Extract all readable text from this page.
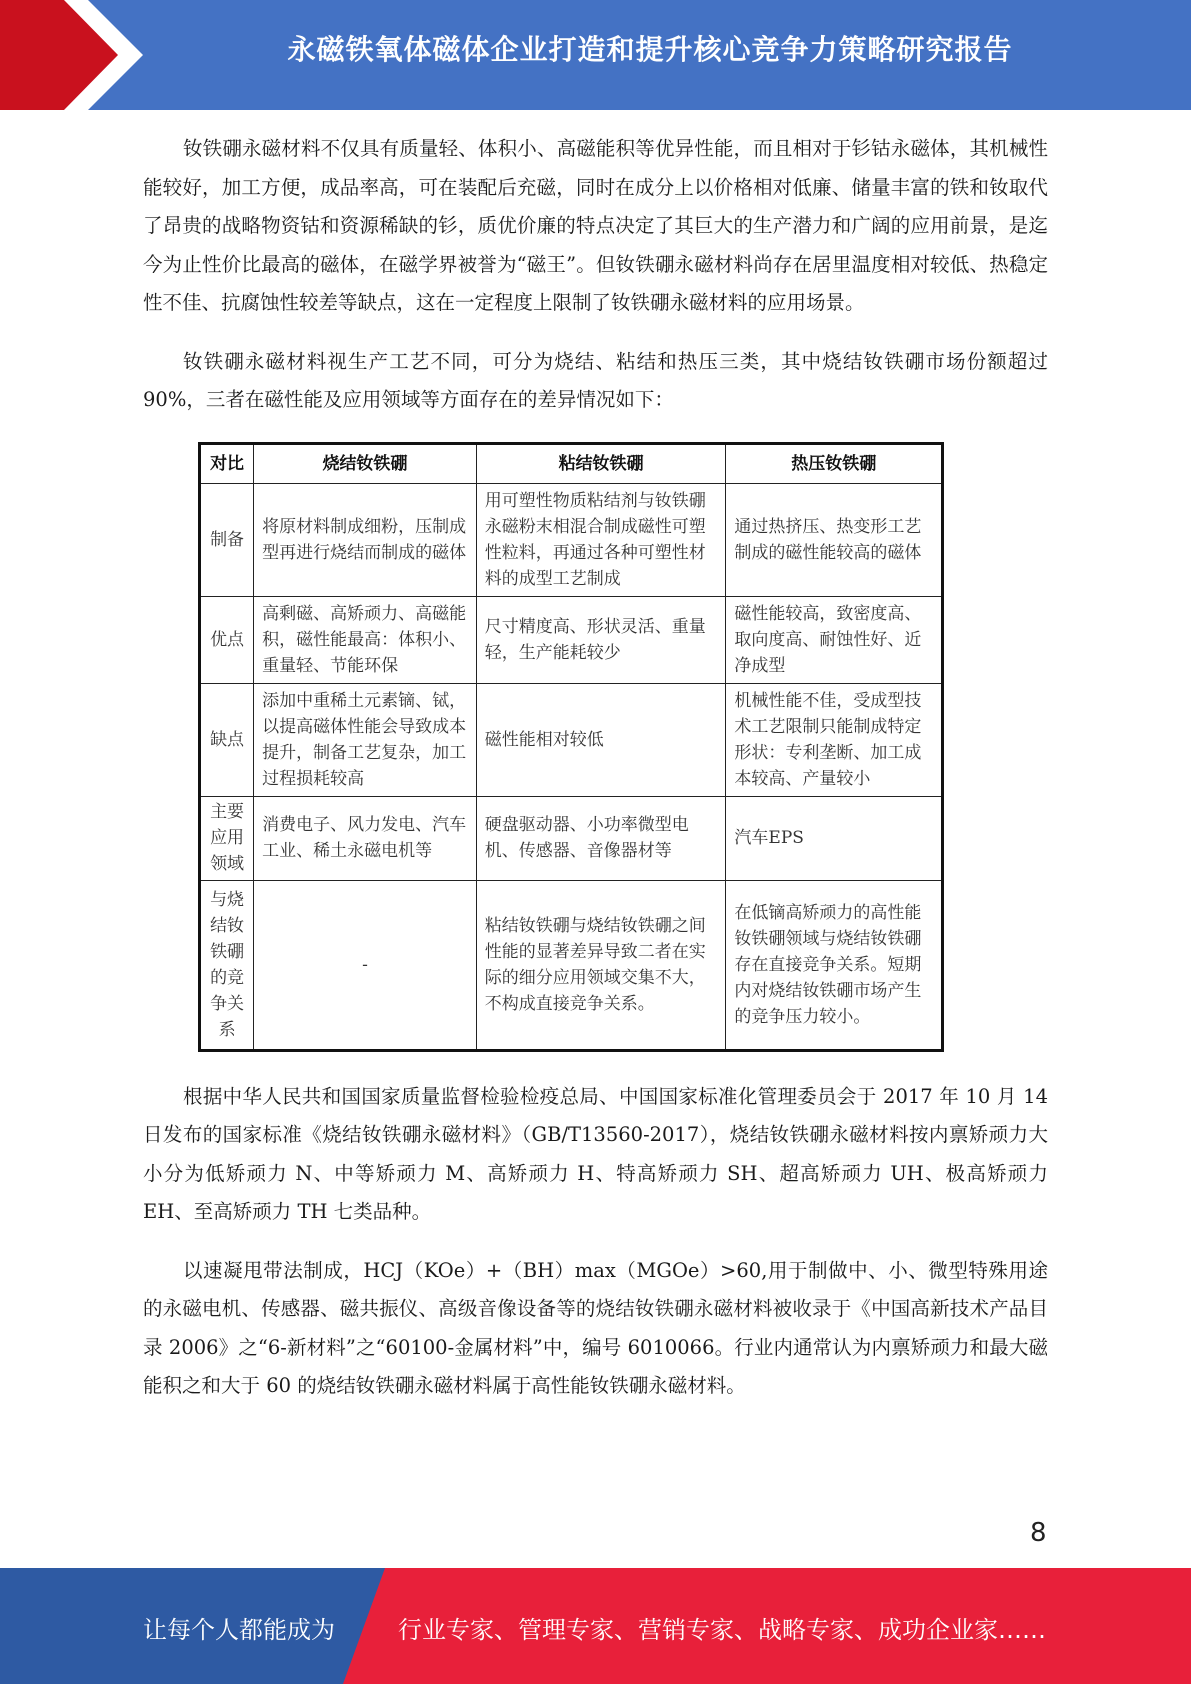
永磁铁氧体磁体企业打造和提升核心竞争力策略研究报告

钕铁硼永磁材料不仅具有质量轻、体积小、高磁能积等优异性能，而且相对于钐钴永磁体，其机械性能较好，加工方便，成品率高，可在装配后充磁，同时在成分上以价格相对低廉、储量丰富的铁和钕取代了昂贵的战略物资钴和资源稀缺的钐，质优价廉的特点决定了其巨大的生产潜力和广阔的应用前景，是迄今为止性价比最高的磁体，在磁学界被誉为“磁王”。但钕铁硼永磁材料尚存在居里温度相对较低、热稳定性不佳、抗腐蚀性较差等缺点，这在一定程度上限制了钕铁硼永磁材料的应用场景。

钕铁硼永磁材料视生产工艺不同，可分为烧结、粘结和热压三类，其中烧结钕铁硼市场份额超过 90%，三者在磁性能及应用领域等方面存在的差异情况如下：

对比	烧结钕铁硼	粘结钕铁硼	热压钕铁硼
制备	将原材料制成细粉，压制成型再进行烧结而制成的磁体	用可塑性物质粘结剂与钕铁硼永磁粉末相混合制成磁性可塑性粒料，再通过各种可塑性材料的成型工艺制成	通过热挤压、热变形工艺制成的磁性能较高的磁体
优点	高剩磁、高矫顽力、高磁能积，磁性能最高：体积小、重量轻、节能环保	尺寸精度高、形状灵活、重量轻，生产能耗较少	磁性能较高，致密度高、取向度高、耐蚀性好、近净成型
缺点	添加中重稀土元素镝、铽，以提高磁体性能会导致成本提升，制备工艺复杂，加工过程损耗较高	磁性能相对较低	机械性能不佳，受成型技术工艺限制只能制成特定形状：专利垄断、加工成本较高、产量较小
主要应用领域	消费电子、风力发电、汽车工业、稀土永磁电机等	硬盘驱动器、小功率微型电机、传感器、音像器材等	汽车EPS
与烧结钕铁硼的竞争关系	-	粘结钕铁硼与烧结钕铁硼之间性能的显著差异导致二者在实际的细分应用领域交集不大，不构成直接竞争关系。	在低镝高矫顽力的高性能钕铁硼领域与烧结钕铁硼存在直接竞争关系。短期内对烧结钕铁硼市场产生的竞争压力较小。

根据中华人民共和国国家质量监督检验检疫总局、中国国家标准化管理委员会于 2017 年 10 月 14 日发布的国家标准《烧结钕铁硼永磁材料》（GB/T13560-2017），烧结钕铁硼永磁材料按内禀矫顽力大小分为低矫顽力 N、中等矫顽力 M、高矫顽力 H、特高矫顽力 SH、超高矫顽力 UH、极高矫顽力 EH、至高矫顽力 TH 七类品种。

以速凝甩带法制成，HCJ（KOe）+（BH）max（MGOe）>60,用于制做中、小、微型特殊用途的永磁电机、传感器、磁共振仪、高级音像设备等的烧结钕铁硼永磁材料被收录于《中国高新技术产品目录 2006》之“6-新材料”之“60100-金属材料”中，编号 6010066。行业内通常认为内禀矫顽力和最大磁能积之和大于 60 的烧结钕铁硼永磁材料属于高性能钕铁硼永磁材料。

8
让每个人都能成为	行业专家、管理专家、营销专家、战略专家、成功企业家……
